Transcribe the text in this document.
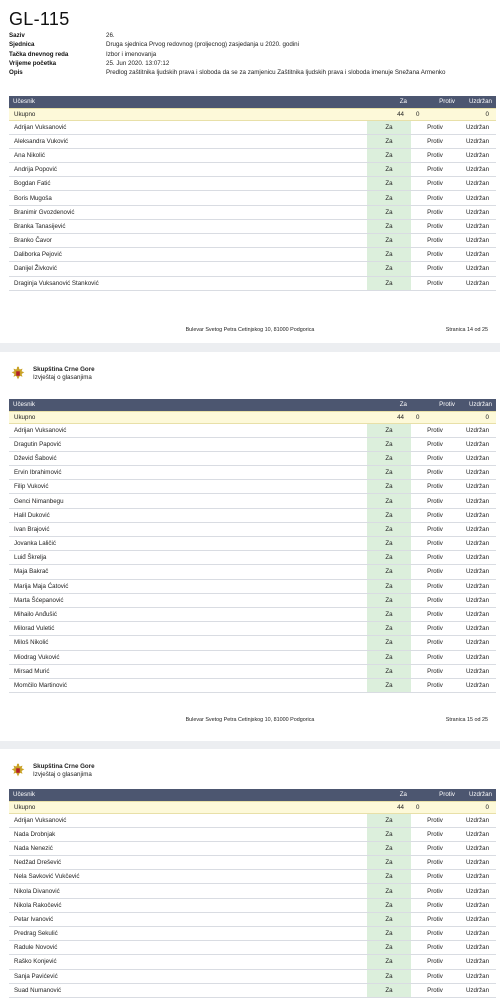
GL-115
Saziv	26.
Sjednica	Druga sjednica Prvog redovnog (proljecnog) zasjedanja u 2020. godini
Tačka dnevnog reda	Izbor i imenovanja
Vrijeme početka	25. Jun 2020. 13:07:12
Opis	Predlog zaštitnika ljudskih prava i sloboda da se za zamjenicu Zaštitnika ljudskih prava i sloboda imenuje Snežana Armenko
Učesnik	Za	Protiv	Uzdržan
Ukupno	44	0	0
Adrijan Vuksanović	Za	Protiv	Uzdržan
Aleksandra Vuković	Za	Protiv	Uzdržan
Ana Nikolić	Za	Protiv	Uzdržan
Andrija Popović	Za	Protiv	Uzdržan
Bogdan Fatić	Za	Protiv	Uzdržan
Boris Mugoša	Za	Protiv	Uzdržan
Branimir Gvozdenović	Za	Protiv	Uzdržan
Branka Tanasijević	Za	Protiv	Uzdržan
Branko Čavor	Za	Protiv	Uzdržan
Daliborka Pejović	Za	Protiv	Uzdržan
Danijel Živković	Za	Protiv	Uzdržan
Draginja Vuksanović Stanković	Za	Protiv	Uzdržan
Bulevar Svetog Petra Cetinjskog 10, 81000 Podgorica	Stranica 14 od 25
Skupština Crne Gore
Izvještaj o glasanjima
Učesnik	Za	Protiv	Uzdržan
Ukupno	44	0	0
Adrijan Vuksanović	Za	Protiv	Uzdržan
Dragutin Papović	Za	Protiv	Uzdržan
Dževid Šabović	Za	Protiv	Uzdržan
Ervin Ibrahimović	Za	Protiv	Uzdržan
Filip Vuković	Za	Protiv	Uzdržan
Genci Nimanbegu	Za	Protiv	Uzdržan
Halil Duković	Za	Protiv	Uzdržan
Ivan Brajović	Za	Protiv	Uzdržan
Jovanka Laličić	Za	Protiv	Uzdržan
Luiđ Škrelja	Za	Protiv	Uzdržan
Maja Bakrač	Za	Protiv	Uzdržan
Marija Maja Ćatović	Za	Protiv	Uzdržan
Marta Šćepanović	Za	Protiv	Uzdržan
Mihailo Anđušić	Za	Protiv	Uzdržan
Milorad Vuletić	Za	Protiv	Uzdržan
Miloš Nikolić	Za	Protiv	Uzdržan
Miodrag Vuković	Za	Protiv	Uzdržan
Mirsad Murić	Za	Protiv	Uzdržan
Momčilo Martinović	Za	Protiv	Uzdržan
Bulevar Svetog Petra Cetinjskog 10, 81000 Podgorica	Stranica 15 od 25
Skupština Crne Gore
Izvještaj o glasanjima
Učesnik	Za	Protiv	Uzdržan
Ukupno	44	0	0
Adrijan Vuksanović	Za	Protiv	Uzdržan
Nada Drobnjak	Za	Protiv	Uzdržan
Nada Nenezić	Za	Protiv	Uzdržan
Nedžad Drešević	Za	Protiv	Uzdržan
Nela Savković Vukčević	Za	Protiv	Uzdržan
Nikola Divanović	Za	Protiv	Uzdržan
Nikola Rakočević	Za	Protiv	Uzdržan
Petar Ivanović	Za	Protiv	Uzdržan
Predrag Sekulić	Za	Protiv	Uzdržan
Radule Novović	Za	Protiv	Uzdržan
Raško Konjević	Za	Protiv	Uzdržan
Sanja Pavićević	Za	Protiv	Uzdržan
Suad Numanović	Za	Protiv	Uzdržan
